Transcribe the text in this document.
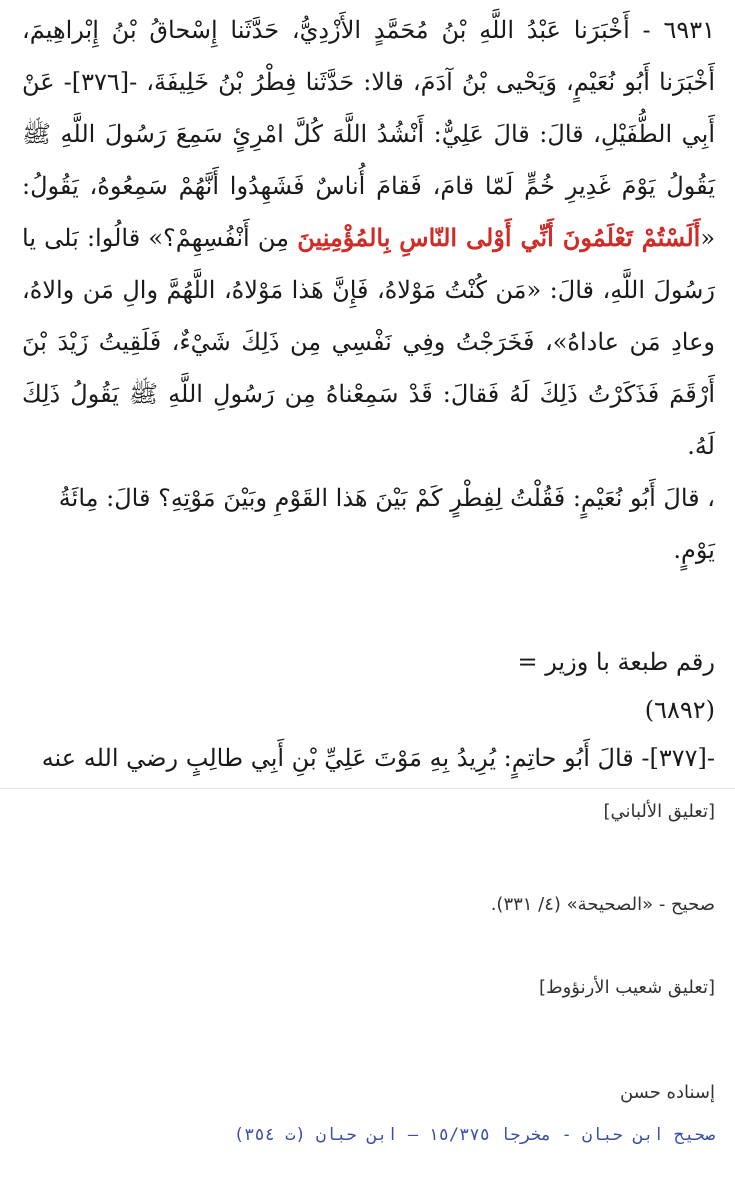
٦٩٣١ - أَخْبَرَنا عَبْدُ اللَّهِ بْنُ مُحَمَّدٍ الأَزْدِيُّ، حَدَّثَنا إِسْحاقُ بْنُ إِبْراهِيمَ، أَخْبَرَنا أَبُو نُعَيْمٍ، وَيَحْيى بْنُ آدَمَ، قالا: حَدَّثَنا فِطْرُ بْنُ خَلِيفَةَ، -[٣٧٦]- عَنْ أَبِي الطُّفَيْلِ، قالَ: قالَ عَلِيٌّ: أَنْشُدُ اللَّهَ كُلَّ امْرِئٍ سَمِعَ رَسُولَ اللَّهِ ﷺ يَقُولُ يَوْمَ غَدِيرِ خُمٍّ لَمّا قامَ، فَقامَ أُناسٌ فَشَهِدُوا أَنَّهُمْ سَمِعُوهُ، يَقُولُ: «أَلَسْتُمْ تَعْلَمُونَ أَنِّي أَوْلى النّاسِ بِالمُؤْمِنِينَ مِن أَنْفُسِهِمْ؟» قالُوا: بَلى يا رَسُولَ اللَّهِ، قالَ: «مَن كُنْتُ مَوْلاهُ، فَإِنَّ هَذا مَوْلاهُ، اللَّهُمَّ والِ مَن والاهُ، وعادِ مَن عاداهُ»، فَخَرَجْتُ وفِي نَفْسِي مِن ذَلِكَ شَيْءٌ، فَلَقِيتُ زَيْدَ بْنَ أَرْقَمَ فَذَكَرْتُ ذَلِكَ لَهُ فَقالَ: قَدْ سَمِعْناهُ مِن رَسُولِ اللَّهِ ﷺ يَقُولُ ذَلِكَ لَهُ.

، قالَ أَبُو نُعَيْمٍ: فَقُلْتُ لِفِطْرٍ كَمْ بَيْنَ هَذا القَوْمِ وبَيْنَ مَوْتِهِ؟ قالَ: مِائَةُ يَوْمٍ.

رقم طبعة با وزير =

(٦٨٩٢)

-[٣٧٧]- قالَ أَبُو حاتِمٍ: يُرِيدُ بِهِ مَوْتَ عَلِيِّ بْنِ أَبِي طالِبٍ رضي الله عنه

[تعليق الألباني]

صحيح - «الصحيحة» (٤/ ٣٣١).

[تعليق شعيب الأرنؤوط]

إسناده حسن

صحيح ابن حبان - مخرجا ١٥/٣٧٥ — ابن حبان (ت ٣٥٤)
